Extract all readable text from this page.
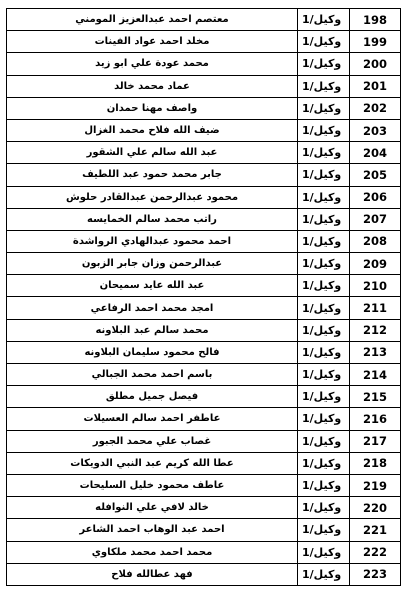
معتصم احمد عبدالعزيز المومني	وكيل/1	198
مخلد احمد عواد الفينات	وكيل/1	199
محمد عودة علي ابو زيد	وكيل/1	200
عماد محمد خالد	وكيل/1	201
واصف مهنا حمدان	وكيل/1	202
ضيف الله فلاح محمد الغزال	وكيل/1	203
عبد الله سالم علي الشقور	وكيل/1	204
جابر محمد حمود عبد اللطيف	وكيل/1	205
محمود عبدالرحمن عبدالقادر حلوش	وكيل/1	206
راتب محمد سالم الخمايسه	وكيل/1	207
احمد محمود عبدالهادي الرواشدة	وكيل/1	208
عبدالرحمن وزان جابر الزبون	وكيل/1	209
عبد الله عايد سميحان	وكيل/1	210
امجد محمد احمد الرفاعي	وكيل/1	211
محمد سالم عبد البلاونه	وكيل/1	212
فالح محمود سليمان البلاونه	وكيل/1	213
باسم احمد محمد الجبالي	وكيل/1	214
فيصل جميل مطلق	وكيل/1	215
عاطفر احمد سالم العسيلات	وكيل/1	216
غصاب علي محمد الجبور	وكيل/1	217
عطا الله كريم عبد النبي الدويكات	وكيل/1	218
عاطف محمود خليل السليحات	وكيل/1	219
خالد لافي علي النوافله	وكيل/1	220
احمد عبد الوهاب احمد الشاعر	وكيل/1	221
محمد احمد محمد ملكاوي	وكيل/1	222
فهد عطالله فلاح	وكيل/1	223
